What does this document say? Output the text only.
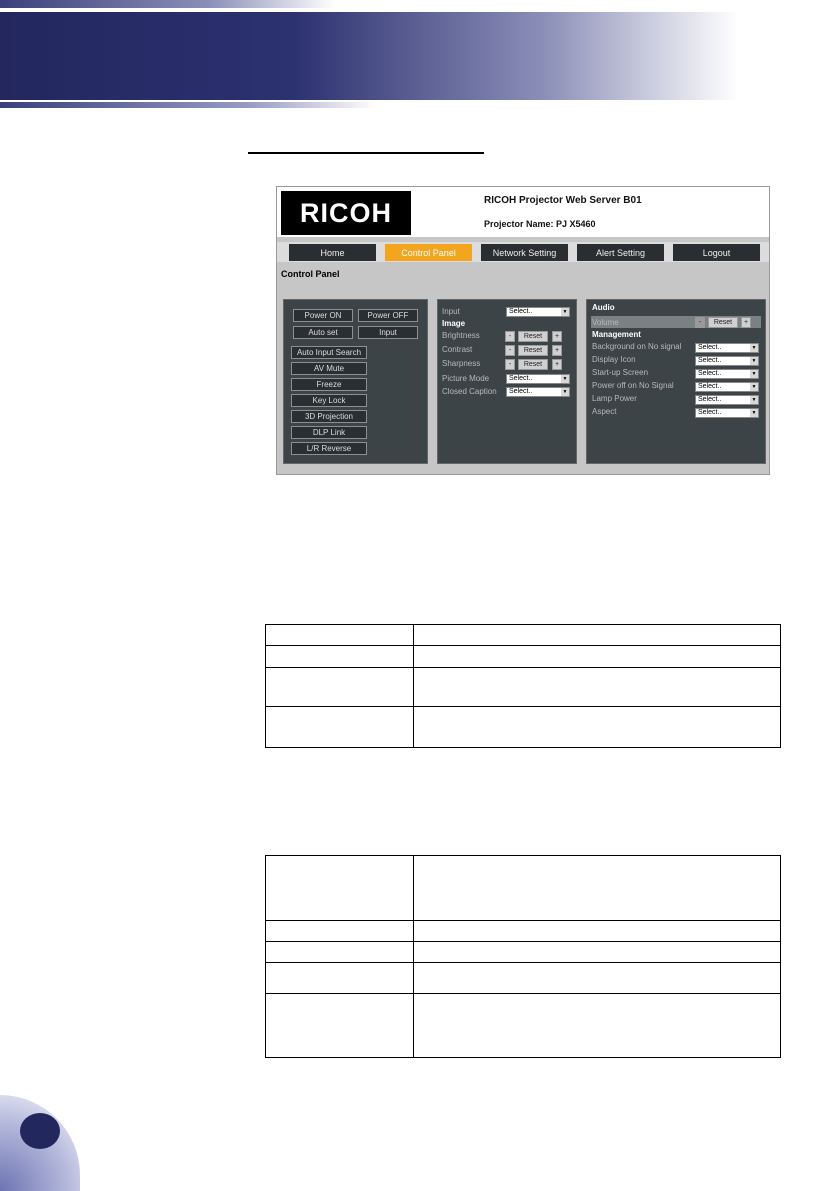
RICOH	RICOH Projector Web Server B01
Projector Name: PJ X5460
Home	Control Panel	Network Setting	Alert Setting	Logout
Control Panel
Power ON	Power OFF
Auto set	Input
Auto Input Search
AV Mute
Freeze
Key Lock
3D Projection
DLP Link
L/R Reverse
Input	Select.. ▼
Image
Brightness	-	Reset	+
Contrast	-	Reset	+
Sharpness	-	Reset	+
Picture Mode	Select.. ▼
Closed Caption	Select.. ▼
Audio
Volume	-	Reset	+
Management
Background on No signal	Select.. ▼
Display Icon	Select.. ▼
Start-up Screen	Select.. ▼
Power off on No Signal	Select.. ▼
Lamp Power	Select.. ▼
Aspect	Select.. ▼
